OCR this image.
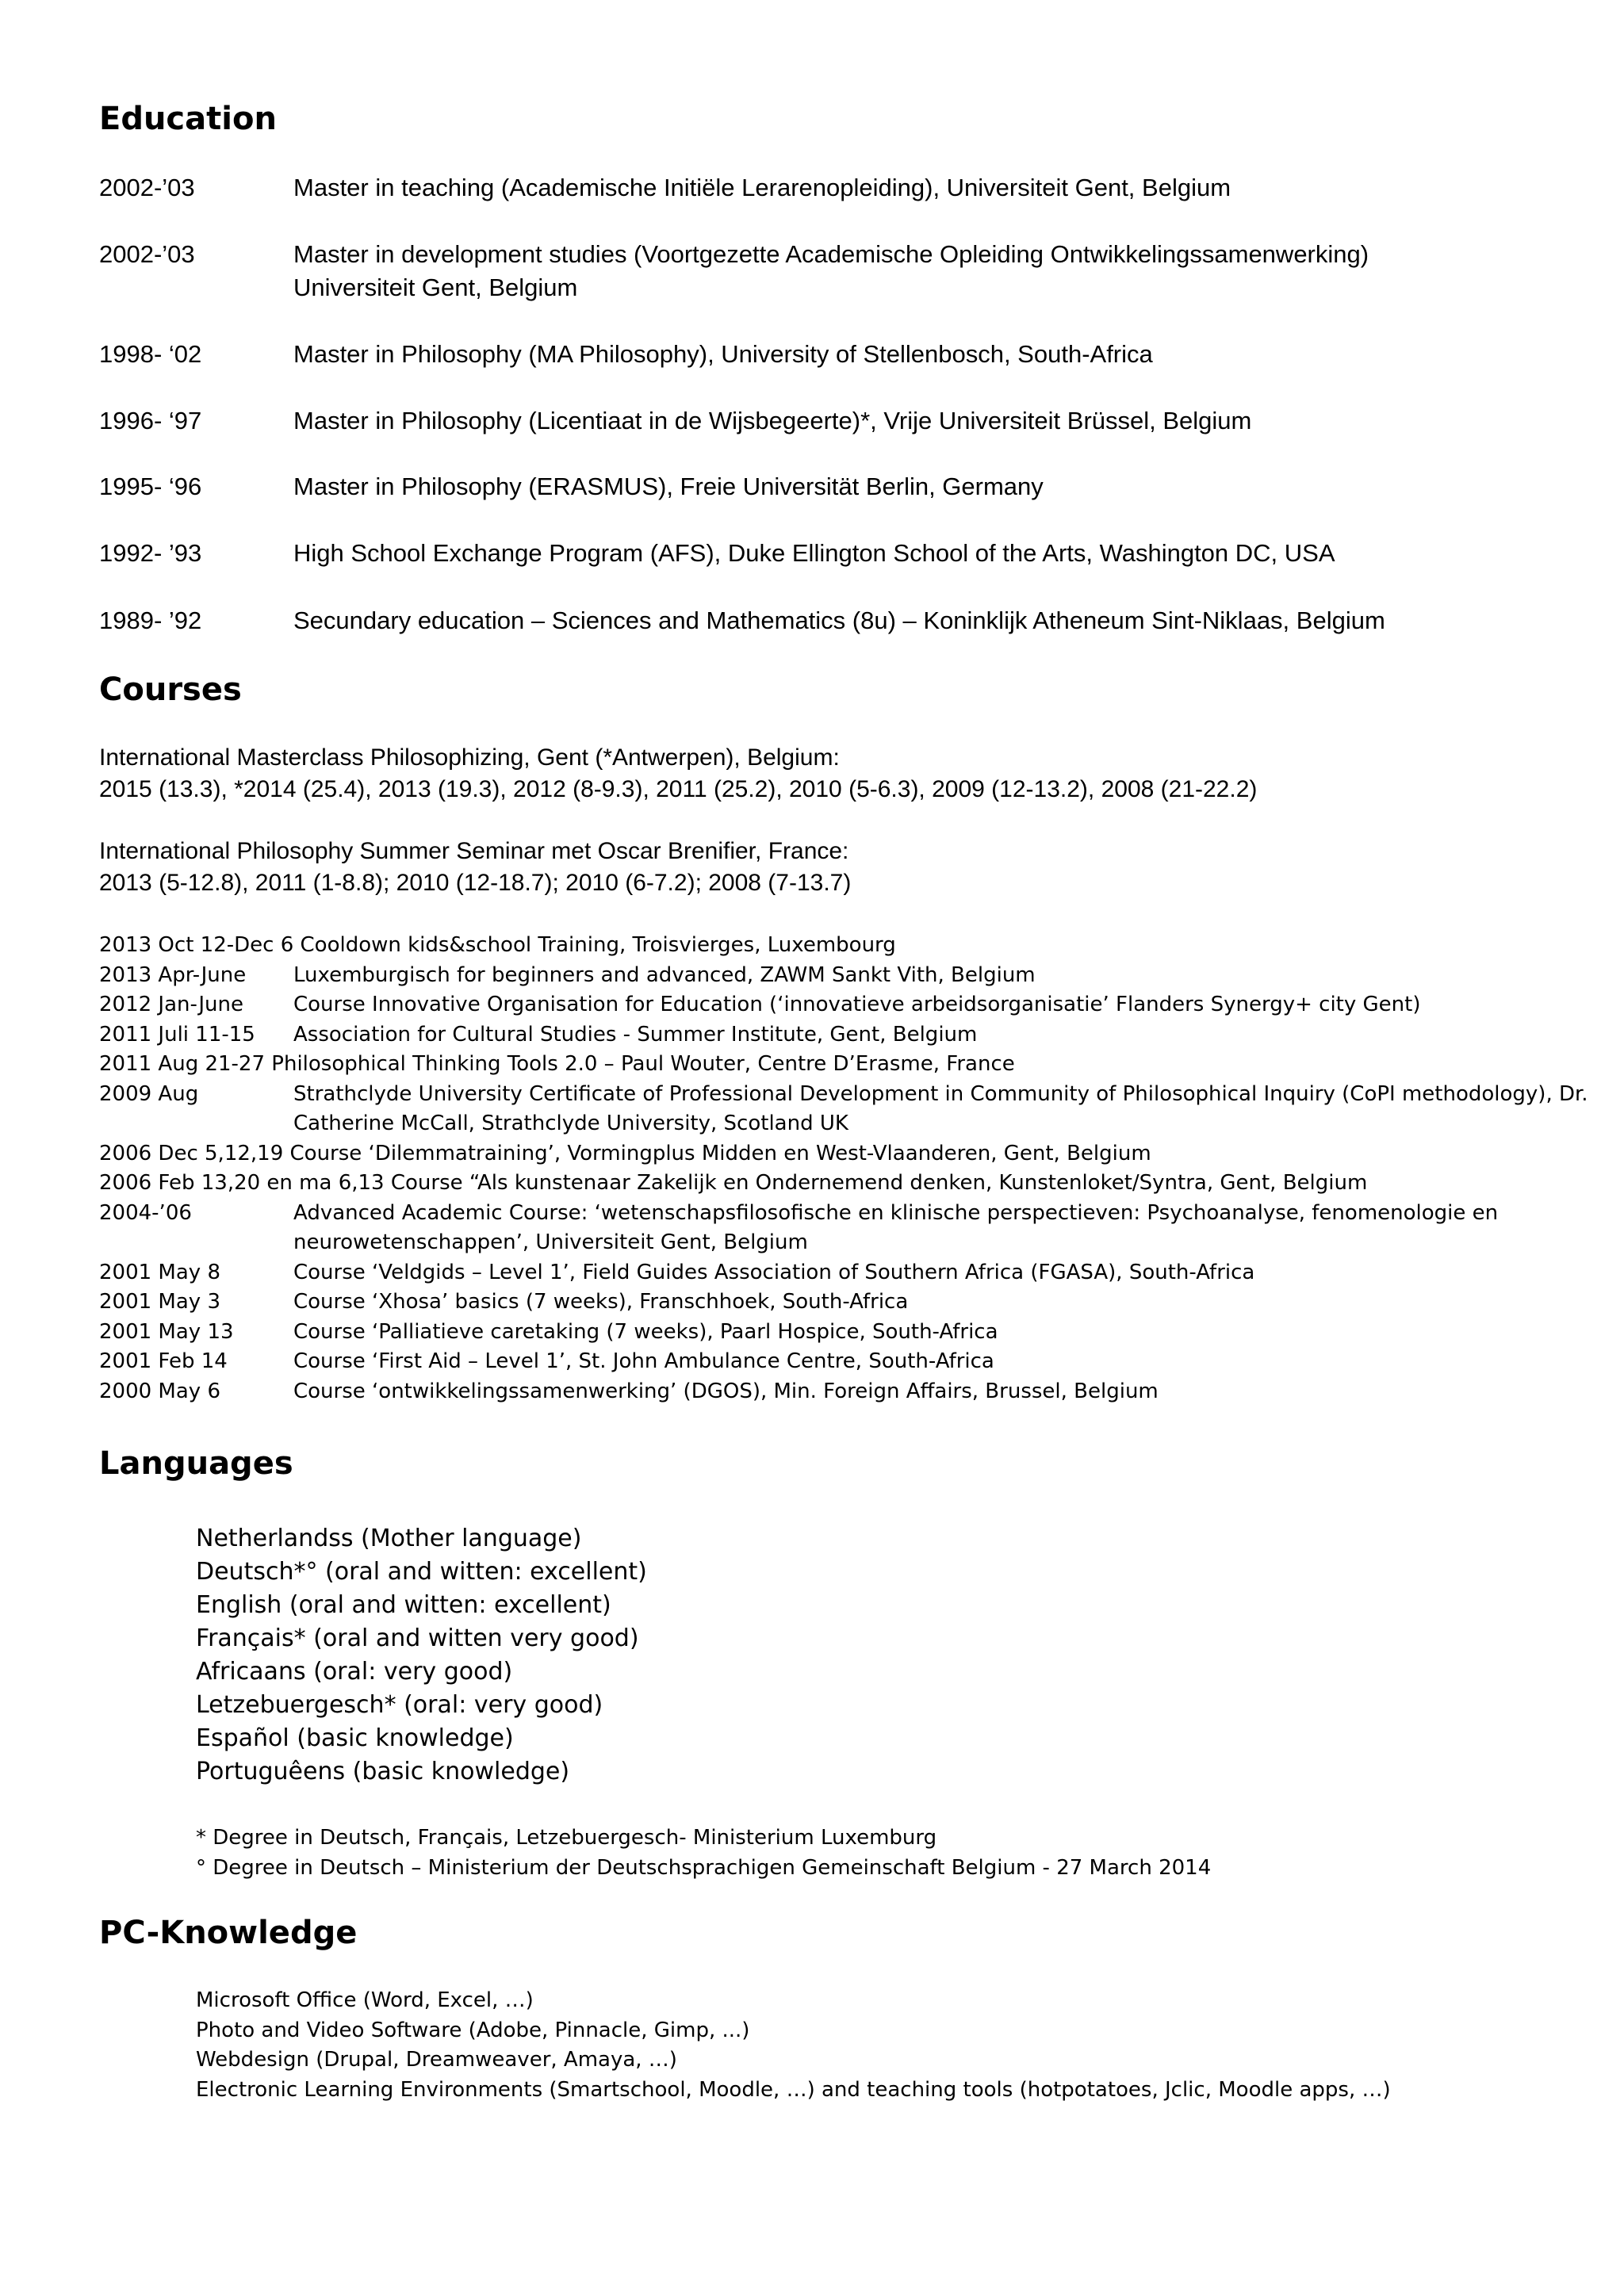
Education
2002-’03	Master in teaching (Academische Initiële Lerarenopleiding), Universiteit Gent, Belgium
2002-’03	Master in development studies (Voortgezette Academische Opleiding Ontwikkelingssamenwerking)
Universiteit Gent, Belgium
1998- ‘02	Master in Philosophy (MA Philosophy), University of Stellenbosch, South-Africa
1996- ‘97	Master in Philosophy (Licentiaat in de Wijsbegeerte)*, Vrije Universiteit Brüssel, Belgium
1995- ‘96	Master in Philosophy (ERASMUS), Freie Universität Berlin, Germany
1992- ’93	High School Exchange Program (AFS), Duke Ellington School of the Arts, Washington DC, USA
1989- ’92	Secundary education – Sciences and Mathematics (8u) – Koninklijk Atheneum Sint-Niklaas, Belgium
Courses
International Masterclass Philosophizing, Gent (*Antwerpen), Belgium:
2015 (13.3), *2014 (25.4), 2013 (19.3), 2012 (8-9.3), 2011 (25.2), 2010 (5-6.3), 2009 (12-13.2), 2008 (21-22.2)
International Philosophy Summer Seminar met Oscar Brenifier, France:
2013 (5-12.8), 2011 (1-8.8); 2010 (12-18.7); 2010 (6-7.2); 2008 (7-13.7)
2013 Oct 12-Dec 6 Cooldown kids&school Training, Troisvierges, Luxembourg
2013 Apr-June	Luxemburgisch for beginners and advanced, ZAWM Sankt Vith, Belgium
2012 Jan-June	Course Innovative Organisation for Education (‘innovatieve arbeidsorganisatie’ Flanders Synergy+ city Gent)
2011 Juli 11-15	Association for Cultural Studies - Summer Institute, Gent, Belgium
2011 Aug 21-27 Philosophical Thinking Tools 2.0 – Paul Wouter, Centre D’Erasme, France
2009 Aug	Strathclyde University Certificate of Professional Development in Community of Philosophical Inquiry (CoPI methodology), Dr. Catherine McCall, Strathclyde University, Scotland UK
2006 Dec 5,12,19 Course ‘Dilemmatraining’, Vormingplus Midden en West-Vlaanderen, Gent, Belgium
2006 Feb 13,20 en ma 6,13 Course “Als kunstenaar Zakelijk en Ondernemend denken, Kunstenloket/Syntra, Gent, Belgium
2004-’06	Advanced Academic Course: ‘wetenschapsfilosofische en klinische perspectieven: Psychoanalyse, fenomenologie en neurowetenschappen’, Universiteit Gent, Belgium
2001 May 8	Course ‘Veldgids – Level 1’, Field Guides Association of Southern Africa (FGASA), South-Africa
2001 May 3	Course ‘Xhosa’ basics (7 weeks), Franschhoek, South-Africa
2001 May 13	Course ‘Palliatieve caretaking (7 weeks), Paarl Hospice, South-Africa
2001 Feb 14	Course ‘First Aid – Level 1’, St. John Ambulance Centre, South-Africa
2000 May 6	Course ‘ontwikkelingssamenwerking’ (DGOS), Min. Foreign Affairs, Brussel, Belgium
Languages
Netherlandss (Mother language)
Deutsch*° (oral and witten: excellent)
English (oral and witten: excellent)
Français* (oral and witten very good)
Africaans (oral: very good)
Letzebuergesch* (oral: very good)
Español (basic knowledge)
Portuguêens (basic knowledge)
* Degree in Deutsch, Français, Letzebuergesch- Ministerium Luxemburg
° Degree in Deutsch – Ministerium der Deutschsprachigen Gemeinschaft Belgium - 27 March 2014
PC-Knowledge
Microsoft Office (Word, Excel, …)
Photo and Video Software (Adobe, Pinnacle, Gimp, ...)
Webdesign (Drupal, Dreamweaver, Amaya, …)
Electronic Learning Environments (Smartschool, Moodle, …) and teaching tools (hotpotatoes, Jclic, Moodle apps, …)
